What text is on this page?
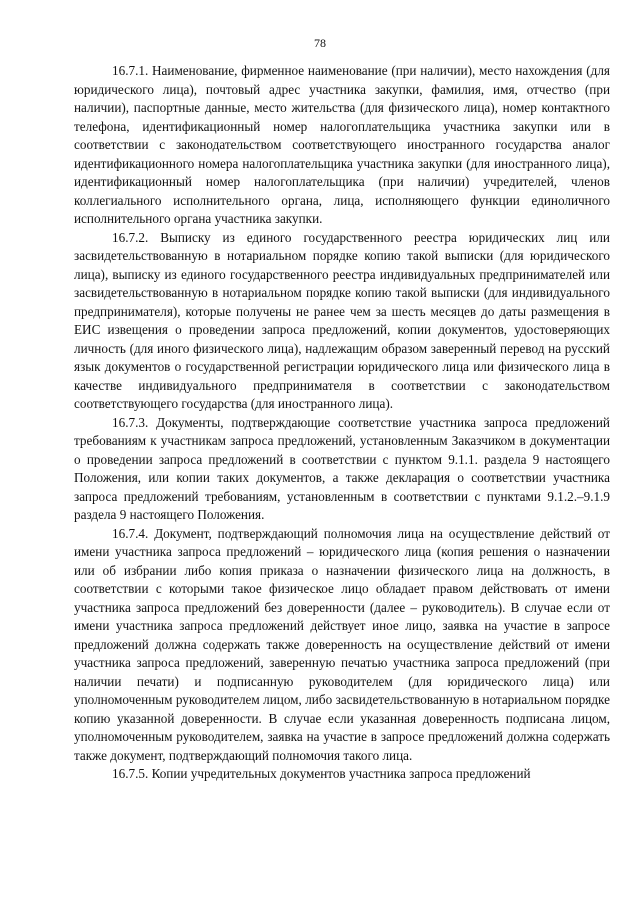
78

16.7.1. Наименование, фирменное наименование (при наличии), место нахождения (для юридического лица), почтовый адрес участника закупки, фамилия, имя, отчество (при наличии), паспортные данные, место жительства (для физического лица), номер контактного телефона, идентификационный номер налогоплательщика участника закупки или в соответствии с законодательством соответствующего иностранного государства аналог идентификационного номера налогоплательщика участника закупки (для иностранного лица), идентификационный номер налогоплательщика (при наличии) учредителей, членов коллегиального исполнительного органа, лица, исполняющего функции единоличного исполнительного органа участника закупки.

16.7.2. Выписку из единого государственного реестра юридических лиц или засвидетельствованную в нотариальном порядке копию такой выписки (для юридического лица), выписку из единого государственного реестра индивидуальных предпринимателей или засвидетельствованную в нотариальном порядке копию такой выписки (для индивидуального предпринимателя), которые получены не ранее чем за шесть месяцев до даты размещения в ЕИС извещения о проведении запроса предложений, копии документов, удостоверяющих личность (для иного физического лица), надлежащим образом заверенный перевод на русский язык документов о государственной регистрации юридического лица или физического лица в качестве индивидуального предпринимателя в соответствии с законодательством соответствующего государства (для иностранного лица).

16.7.3. Документы, подтверждающие соответствие участника запроса предложений требованиям к участникам запроса предложений, установленным Заказчиком в документации о проведении запроса предложений в соответствии с пунктом 9.1.1. раздела 9 настоящего Положения, или копии таких документов, а также декларация о соответствии участника запроса предложений требованиям, установленным в соответствии с пунктами 9.1.2.–9.1.9 раздела 9 настоящего Положения.

16.7.4. Документ, подтверждающий полномочия лица на осуществление действий от имени участника запроса предложений – юридического лица (копия решения о назначении или об избрании либо копия приказа о назначении физического лица на должность, в соответствии с которыми такое физическое лицо обладает правом действовать от имени участника запроса предложений без доверенности (далее – руководитель). В случае если от имени участника запроса предложений действует иное лицо, заявка на участие в запросе предложений должна содержать также доверенность на осуществление действий от имени участника запроса предложений, заверенную печатью участника запроса предложений (при наличии печати) и подписанную руководителем (для юридического лица) или уполномоченным руководителем лицом, либо засвидетельствованную в нотариальном порядке копию указанной доверенности. В случае если указанная доверенность подписана лицом, уполномоченным руководителем, заявка на участие в запросе предложений должна содержать также документ, подтверждающий полномочия такого лица.

16.7.5. Копии учредительных документов участника запроса предложений
